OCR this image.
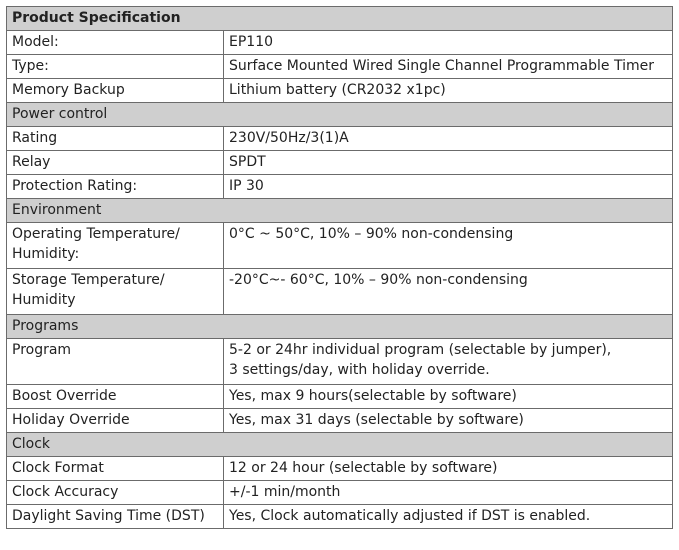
Product Specification	

Model:	EP110

Type:	Surface Mounted Wired Single Channel Programmable Timer

Memory Backup	Lithium battery (CR2032 x1pc)

Power control	

Rating	230V/50Hz/3(1)A

Relay	SPDT

Protection Rating:	IP 30

Environment	

Operating Temperature/
Humidity:	0°C ~ 50°C, 10% – 90% non-condensing

Storage Temperature/
Humidity	-20°C~- 60°C, 10% – 90% non-condensing

Programs	

Program	5-2 or 24hr individual program (selectable by jumper),
3 settings/day, with holiday override.

Boost Override	Yes, max 9 hours(selectable by software)

Holiday Override	Yes, max 31 days (selectable by software)

Clock	

Clock Format	12 or 24 hour (selectable by software)

Clock Accuracy	+/-1 min/month

Daylight Saving Time (DST)	Yes, Clock automatically adjusted if DST is enabled.
